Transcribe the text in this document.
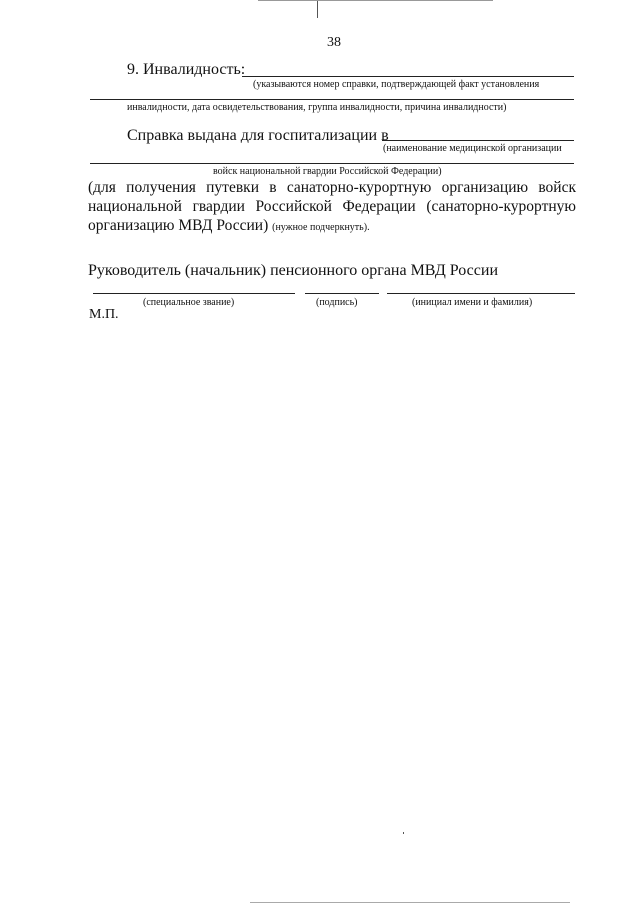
38
9. Инвалидность:
(указываются номер справки, подтверждающей факт установления
инвалидности, дата освидетельствования, группа инвалидности, причина инвалидности)
Справка выдана для госпитализации в
(наименование медицинской организации
войск национальной гвардии Российской Федерации)
(для получения путевки в санаторно-курортную организацию войск
национальной гвардии Российской Федерации (санаторно-курортную
организацию МВД России) (нужное подчеркнуть).
Руководитель (начальник) пенсионного органа МВД России
(специальное звание)	(подпись)	(инициал имени и фамилия)
М.П.
